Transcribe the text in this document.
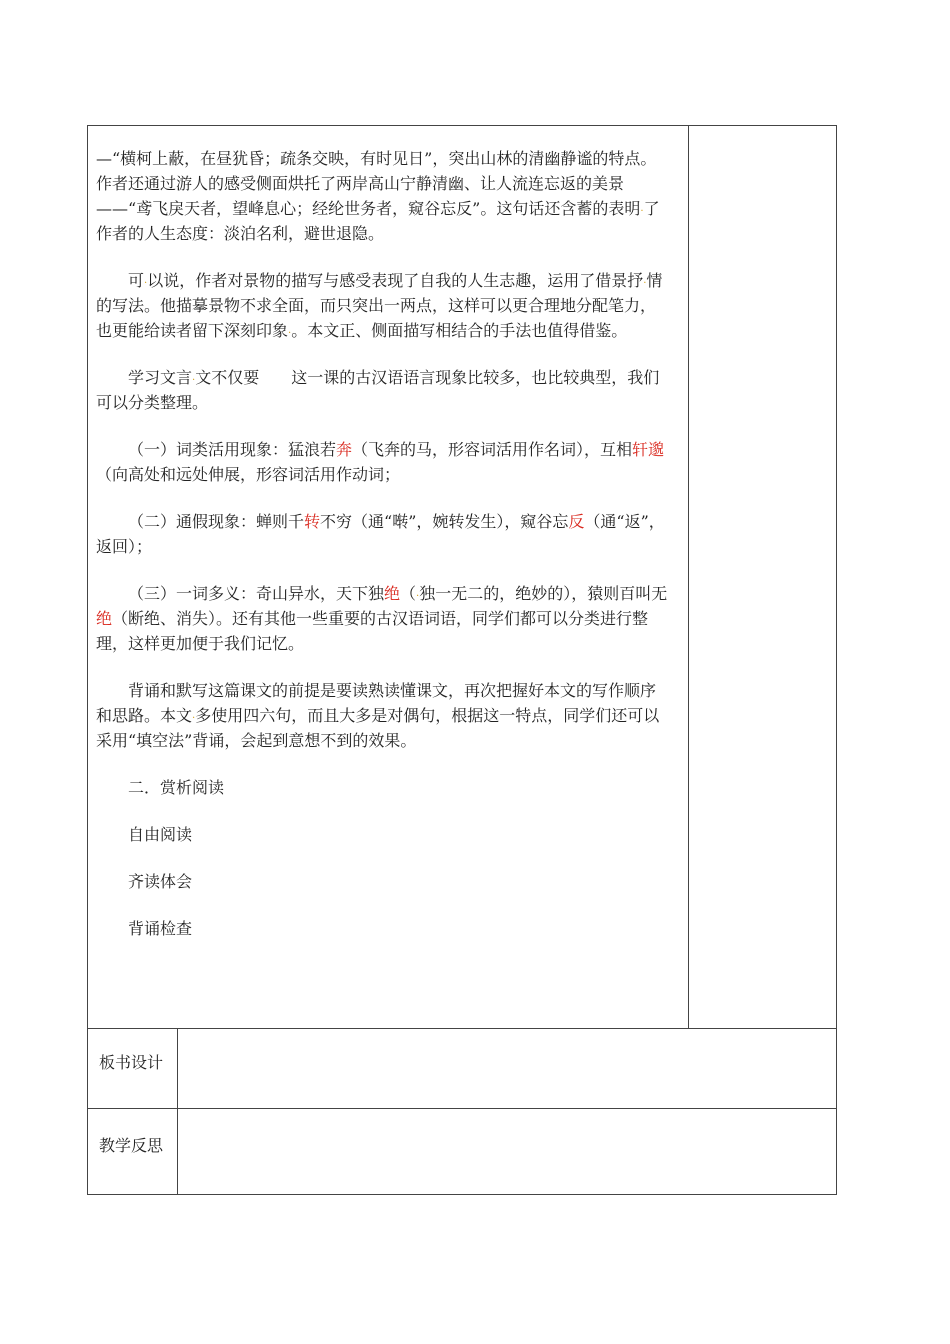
板书设计
教学反思

—“横柯上蔽，在昼犹昏；疏条交映，有时见日”，突出山林的清幽静谧的特点。作者还通过游人的感受侧面烘托了两岸高山宁静清幽、让人流连忘返的美景——“鸢飞戾天者，望峰息心；经纶世务者，窥谷忘反”。这句话还含蓄的表明.了作者的人生态度：淡泊名利，避世退隐。

可.以说，作者对景物的描写与感受表现了自我的人生志趣，运用了借景抒.情的写法。他描摹景物不求全面，而只突出一两点，这样可以更合理地分配笔力，也更能给读者留下深刻印象.。本文正、侧面描写相结合的手法也值得借鉴。

学习文言.文不仅要　　这一课的古汉语语言现象比较多，也比较典型，我们可以分类整理。

（一）词类活用现象：猛浪若奔（飞奔的马，形容词活用作名词），互相轩邈（向高处和远处伸展，形容词活用作动词；

（二）通假现象：蝉则千转不穷（通“啭”，婉转发生），窥谷忘反（通“返”，返回）；

（三）一词多义：奇山异水，天下独绝（.独一无二的，绝妙的），猿则百叫无绝（断绝、消失）。还有其他一些重要的古汉语词语，同学们都可以分类进行整理，这样更加便于我们记忆。

背诵和默写这篇课文的前提是要读熟读懂课文，再次把握好本文的写作顺序和思路。本文.多使用四六句，而且大多是对偶句，根据这一特点，同学们还可以采用“填空法”背诵，会起到意想不到的效果。

二．赏析阅读

自由阅读

齐读体会

背诵检查
